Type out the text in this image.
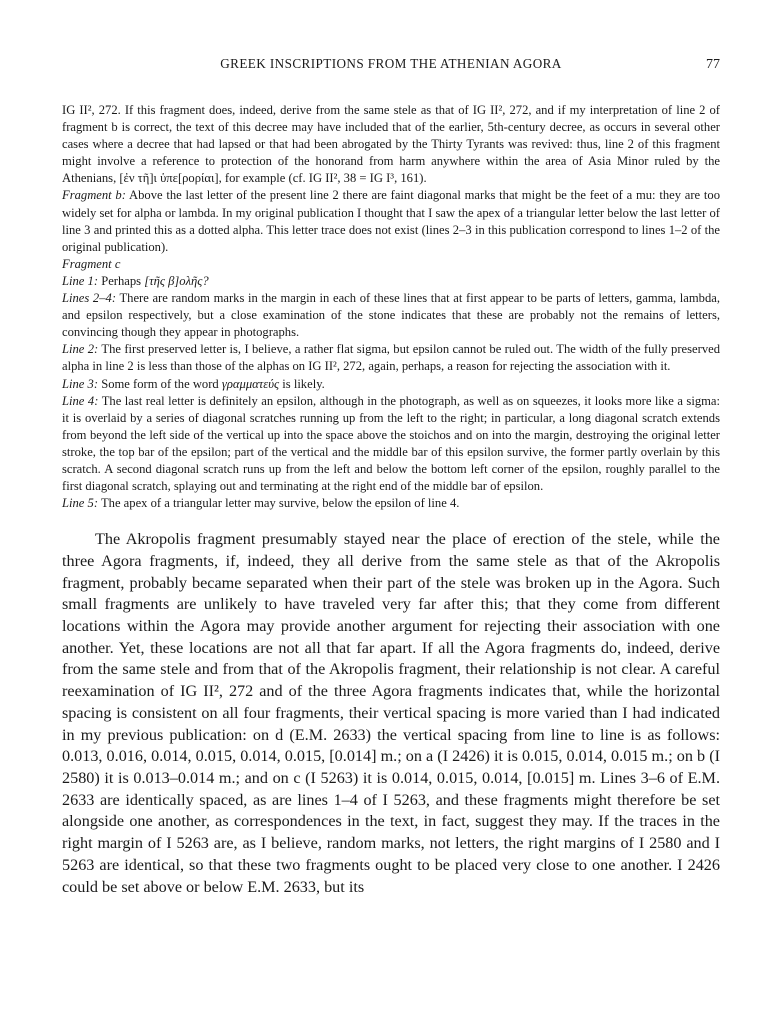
GREEK INSCRIPTIONS FROM THE ATHENIAN AGORA	77

IG II², 272. If this fragment does, indeed, derive from the same stele as that of IG II², 272, and if my interpretation of line 2 of fragment b is correct, the text of this decree may have included that of the earlier, 5th-century decree, as occurs in several other cases where a decree that had lapsed or that had been abrogated by the Thirty Tyrants was revived: thus, line 2 of this fragment might involve a reference to protection of the honorand from harm anywhere within the area of Asia Minor ruled by the Athenians, [ἐν τῆ]ι ὑπε[ρορίαι], for example (cf. IG II², 38 = IG I³, 161).

Fragment b: Above the last letter of the present line 2 there are faint diagonal marks that might be the feet of a mu: they are too widely set for alpha or lambda. In my original publication I thought that I saw the apex of a triangular letter below the last letter of line 3 and printed this as a dotted alpha. This letter trace does not exist (lines 2–3 in this publication correspond to lines 1–2 of the original publication).

Fragment c

Line 1: Perhaps [τῆς β]ολῆς?

Lines 2–4: There are random marks in the margin in each of these lines that at first appear to be parts of letters, gamma, lambda, and epsilon respectively, but a close examination of the stone indicates that these are probably not the remains of letters, convincing though they appear in photographs.

Line 2: The first preserved letter is, I believe, a rather flat sigma, but epsilon cannot be ruled out. The width of the fully preserved alpha in line 2 is less than those of the alphas on IG II², 272, again, perhaps, a reason for rejecting the association with it.

Line 3: Some form of the word γραμματεύς is likely.

Line 4: The last real letter is definitely an epsilon, although in the photograph, as well as on squeezes, it looks more like a sigma: it is overlaid by a series of diagonal scratches running up from the left to the right; in particular, a long diagonal scratch extends from beyond the left side of the vertical up into the space above the stoichos and on into the margin, destroying the original letter stroke, the top bar of the epsilon; part of the vertical and the middle bar of this epsilon survive, the former partly overlain by this scratch. A second diagonal scratch runs up from the left and below the bottom left corner of the epsilon, roughly parallel to the first diagonal scratch, splaying out and terminating at the right end of the middle bar of epsilon.

Line 5: The apex of a triangular letter may survive, below the epsilon of line 4.

The Akropolis fragment presumably stayed near the place of erection of the stele, while the three Agora fragments, if, indeed, they all derive from the same stele as that of the Akropolis fragment, probably became separated when their part of the stele was broken up in the Agora. Such small fragments are unlikely to have traveled very far after this; that they come from different locations within the Agora may provide another argument for rejecting their association with one another. Yet, these locations are not all that far apart. If all the Agora fragments do, indeed, derive from the same stele and from that of the Akropolis fragment, their relationship is not clear. A careful reexamination of IG II², 272 and of the three Agora fragments indicates that, while the horizontal spacing is consistent on all four fragments, their vertical spacing is more varied than I had indicated in my previous publication: on d (E.M. 2633) the vertical spacing from line to line is as follows: 0.013, 0.016, 0.014, 0.015, 0.014, 0.015, [0.014] m.; on a (I 2426) it is 0.015, 0.014, 0.015 m.; on b (I 2580) it is 0.013–0.014 m.; and on c (I 5263) it is 0.014, 0.015, 0.014, [0.015] m. Lines 3–6 of E.M. 2633 are identically spaced, as are lines 1–4 of I 5263, and these fragments might therefore be set alongside one another, as correspondences in the text, in fact, suggest they may. If the traces in the right margin of I 5263 are, as I believe, random marks, not letters, the right margins of I 2580 and I 5263 are identical, so that these two fragments ought to be placed very close to one another. I 2426 could be set above or below E.M. 2633, but its
